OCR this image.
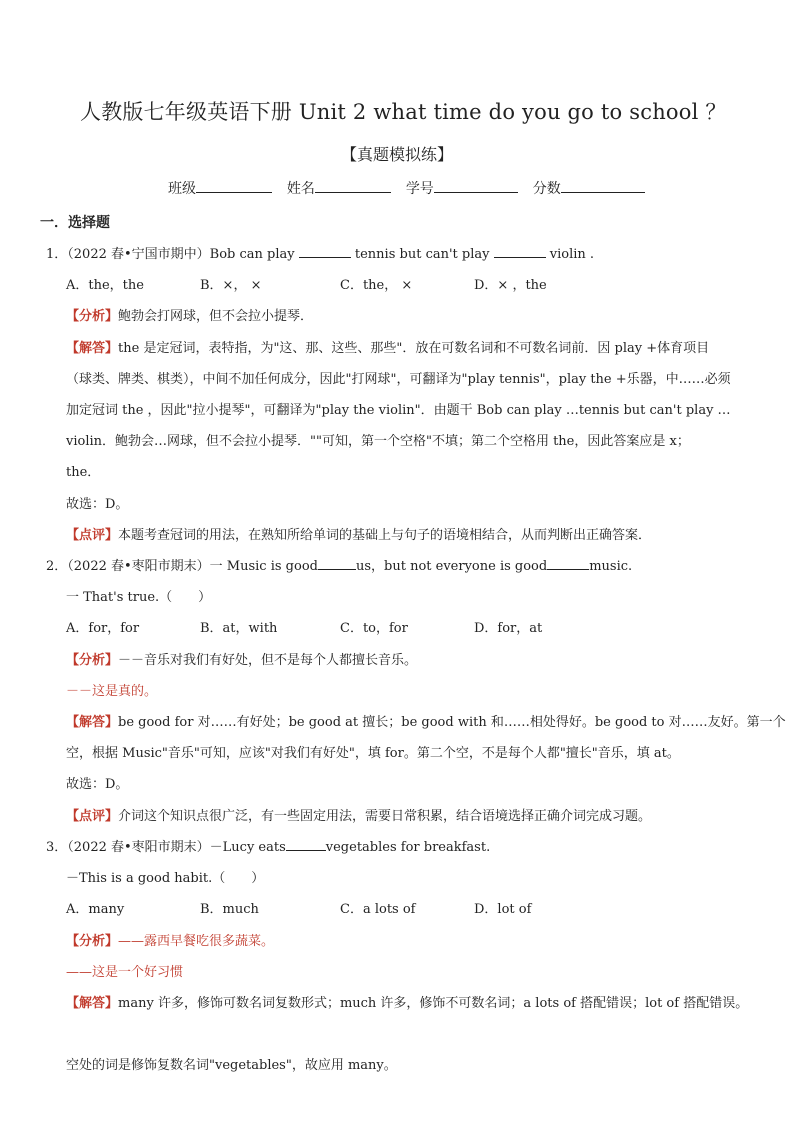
人教版七年级英语下册 Unit 2 what time do you go to school ？
【真题模拟练】
班级	姓名	学号	分数
一．选择题
1．（2022 春•宁国市期中）Bob can play	tennis but can't play	violin .
A．the，the	B．×， ×	C．the， ×	D．× ，the
【分析】鲍勃会打网球，但不会拉小提琴．
【解答】the 是定冠词，表特指，为"这、那、这些、那些"．放在可数名词和不可数名词前．因 play +体育项目
（球类、牌类、棋类），中间不加任何成分，因此"打网球"，可翻译为"play tennis"，play the +乐器，中……必须
加定冠词 the ，因此"拉小提琴"，可翻译为"play the violin"．由题干 Bob can play …tennis but can't play …
violin．鲍勃会…网球，但不会拉小提琴．""可知，第一个空格"不填；第二个空格用 the，因此答案应是 x；
the．
故选：D。
【点评】本题考查冠词的用法，在熟知所给单词的基础上与句子的语境相结合，从而判断出正确答案．
2．（2022 春•枣阳市期末）一 Music is good	us，but not everyone is good	music.
一 That's true.（　　）
A．for，for	B．at，with	C．to，for	D．for，at
【分析】－－音乐对我们有好处，但不是每个人都擅长音乐。
－－这是真的。
【解答】be good for 对……有好处；be good at 擅长；be good with 和……相处得好。be good to 对……友好。第一个
空，根据 Music"音乐"可知，应该"对我们有好处"，填 for。第二个空，不是每个人都"擅长"音乐，填 at。
故选：D。
【点评】介词这个知识点很广泛，有一些固定用法，需要日常积累，结合语境选择正确介词完成习题。
3．（2022 春•枣阳市期末）－Lucy eats	vegetables for breakfast.
－This is a good habit.（　　）
A．many	B．much	C．a lots of	D．lot of
【分析】——露西早餐吃很多蔬菜。
——这是一个好习惯
【解答】many 许多，修饰可数名词复数形式；much 许多，修饰不可数名词；a lots of 搭配错误；lot of 搭配错误。
空处的词是修饰复数名词"vegetables"，故应用 many。
